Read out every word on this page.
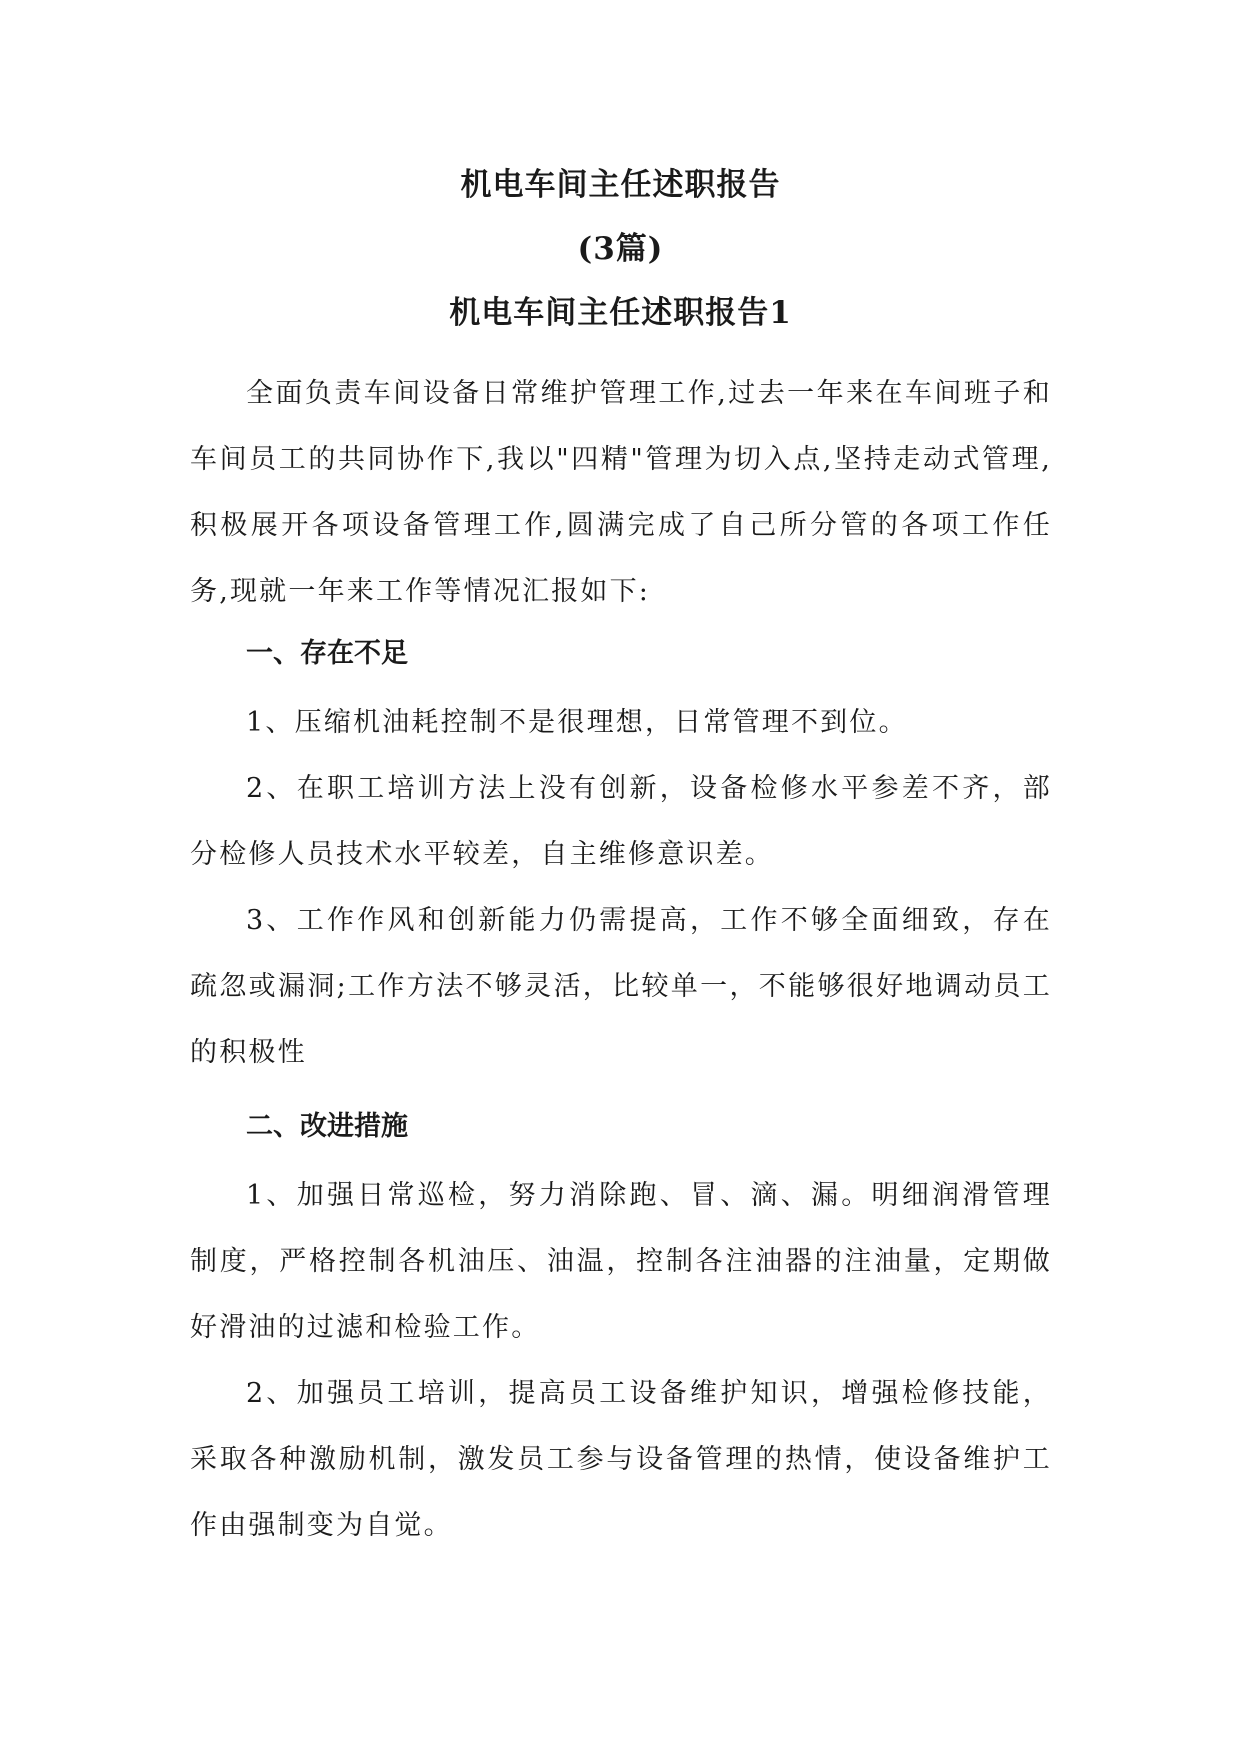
机电车间主任述职报告
(3篇)
机电车间主任述职报告1
全面负责车间设备日常维护管理工作,过去一年来在车间班子和车间员工的共同协作下,我以"四精"管理为切入点,坚持走动式管理,积极展开各项设备管理工作,圆满完成了自己所分管的各项工作任务,现就一年来工作等情况汇报如下:
一、存在不足
1、压缩机油耗控制不是很理想，日常管理不到位。
2、在职工培训方法上没有创新，设备检修水平参差不齐，部分检修人员技术水平较差，自主维修意识差。
3、工作作风和创新能力仍需提高，工作不够全面细致，存在疏忽或漏洞;工作方法不够灵活，比较单一，不能够很好地调动员工的积极性
二、改进措施
1、加强日常巡检，努力消除跑、冒、滴、漏。明细润滑管理制度，严格控制各机油压、油温，控制各注油器的注油量，定期做好滑油的过滤和检验工作。
2、加强员工培训，提高员工设备维护知识，增强检修技能，采取各种激励机制，激发员工参与设备管理的热情，使设备维护工作由强制变为自觉。
